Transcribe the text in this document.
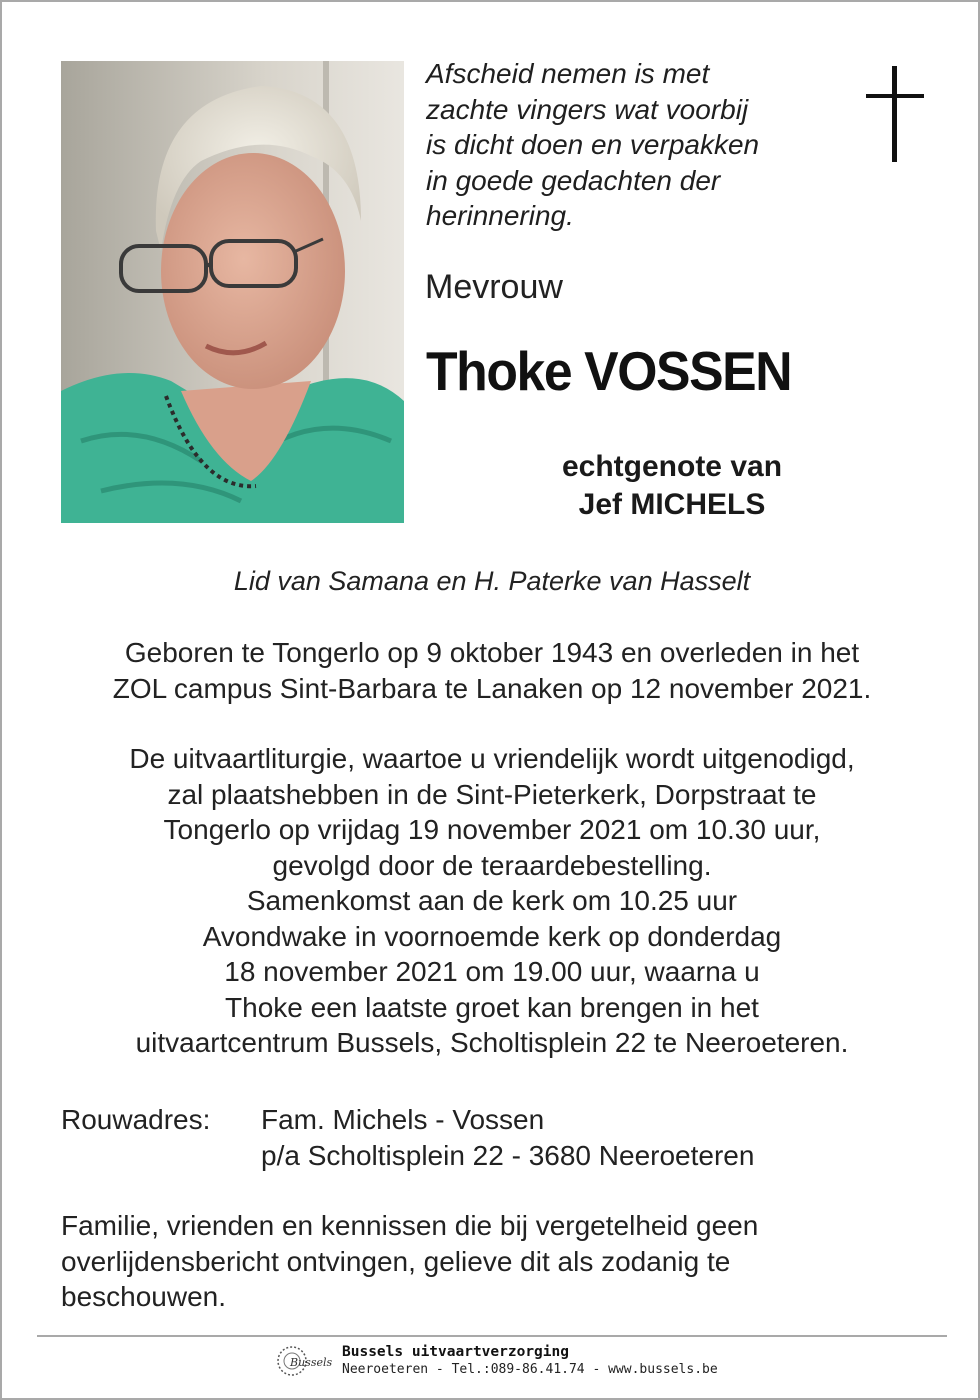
Afscheid nemen is met
zachte vingers wat voorbij
is dicht doen en verpakken
in goede gedachten der
herinnering.
Mevrouw
Thoke VOSSEN
echtgenote van
Jef MICHELS
Lid van Samana en H. Paterke van Hasselt
Geboren te Tongerlo op 9 oktober 1943 en overleden in het
ZOL campus Sint-Barbara te Lanaken op 12 november 2021.
De uitvaartliturgie, waartoe u vriendelijk wordt uitgenodigd,
zal plaatshebben in de Sint-Pieterkerk, Dorpstraat te
Tongerlo op vrijdag 19 november 2021 om 10.30 uur,
gevolgd door de teraardebestelling.
Samenkomst aan de kerk om 10.25 uur
Avondwake in voornoemde kerk op donderdag
18 november 2021 om 19.00 uur, waarna u
Thoke een laatste groet kan brengen in het
uitvaartcentrum Bussels, Scholtisplein 22 te Neeroeteren.
Rouwadres: Fam. Michels - Vossen
p/a Scholtisplein 22 - 3680 Neeroeteren
Familie, vrienden en kennissen die bij vergetelheid geen
overlijdensbericht ontvingen, gelieve dit als zodanig te
beschouwen.
Bussels
Bussels uitvaartverzorging
Neeroeteren - Tel.:089-86.41.74 - www.bussels.be
